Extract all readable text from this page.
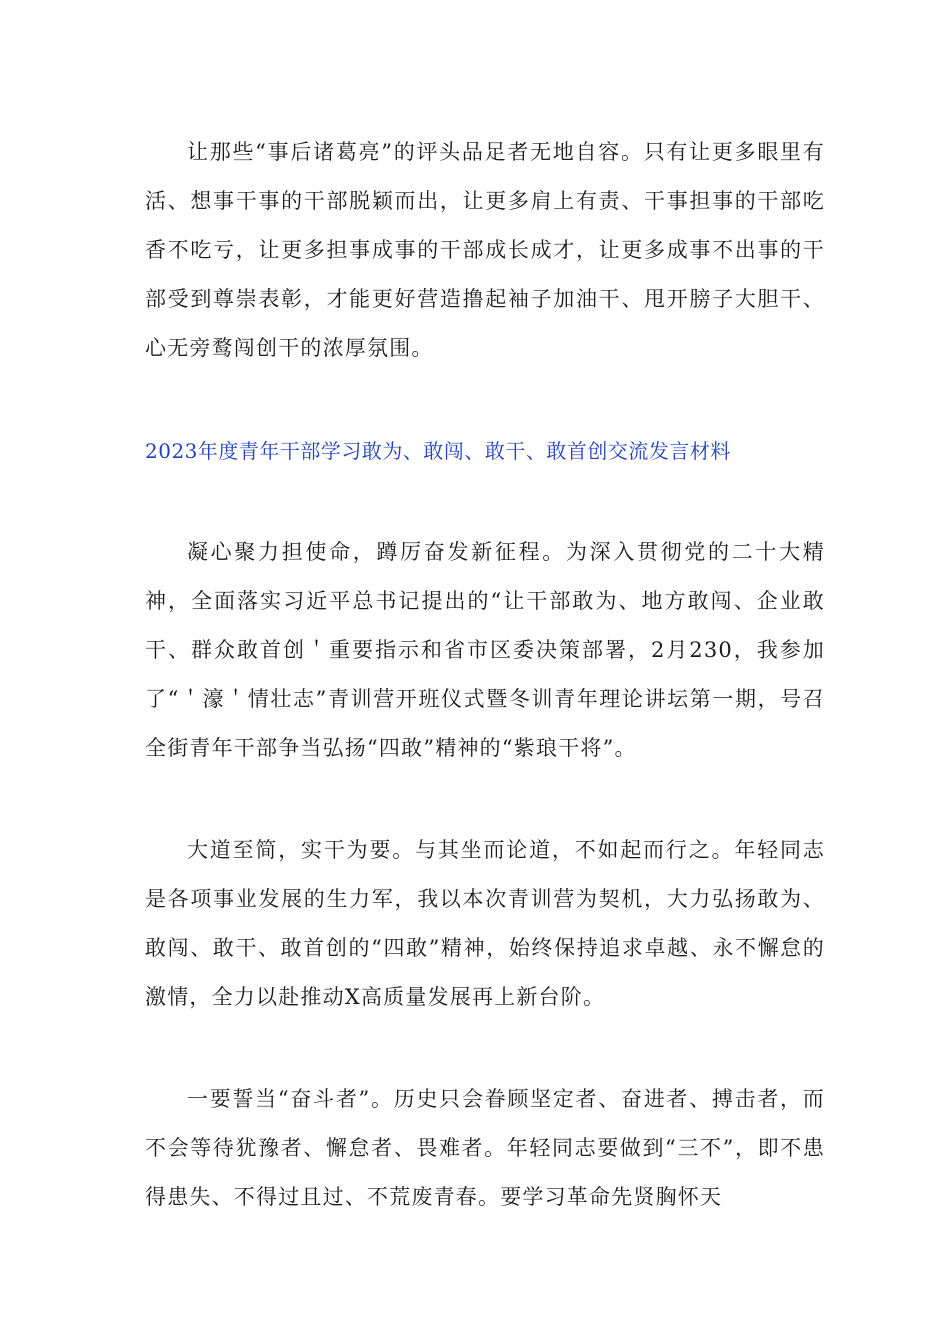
让那些“事后诸葛亮”的评头品足者无地自容。只有让更多眼里有活、想事干事的干部脱颖而出，让更多肩上有责、干事担事的干部吃香不吃亏，让更多担事成事的干部成长成才，让更多成事不出事的干部受到尊崇表彰，才能更好营造撸起袖子加油干、甩开膀子大胆干、心无旁鹜闯创干的浓厚氛围。

2023年度青年干部学习敢为、敢闯、敢干、敢首创交流发言材料

凝心聚力担使命，蹲厉奋发新征程。为深入贯彻党的二十大精神，全面落实习近平总书记提出的“让干部敢为、地方敢闯、企业敢干、群众敢首创＇重要指示和省市区委决策部署，2月230，我参加了“＇濠＇情壮志”青训营开班仪式暨冬训青年理论讲坛第一期，号召全街青年干部争当弘扬“四敢”精神的“紫琅干将”。

大道至简，实干为要。与其坐而论道，不如起而行之。年轻同志是各项事业发展的生力军，我以本次青训营为契机，大力弘扬敢为、敢闯、敢干、敢首创的“四敢”精神，始终保持追求卓越、永不懈怠的激情，全力以赴推动X高质量发展再上新台阶。

一要誓当“奋斗者”。历史只会眷顾坚定者、奋进者、搏击者，而不会等待犹豫者、懈怠者、畏难者。年轻同志要做到“三不”，即不患得患失、不得过且过、不荒废青春。要学习革命先贤胸怀天
